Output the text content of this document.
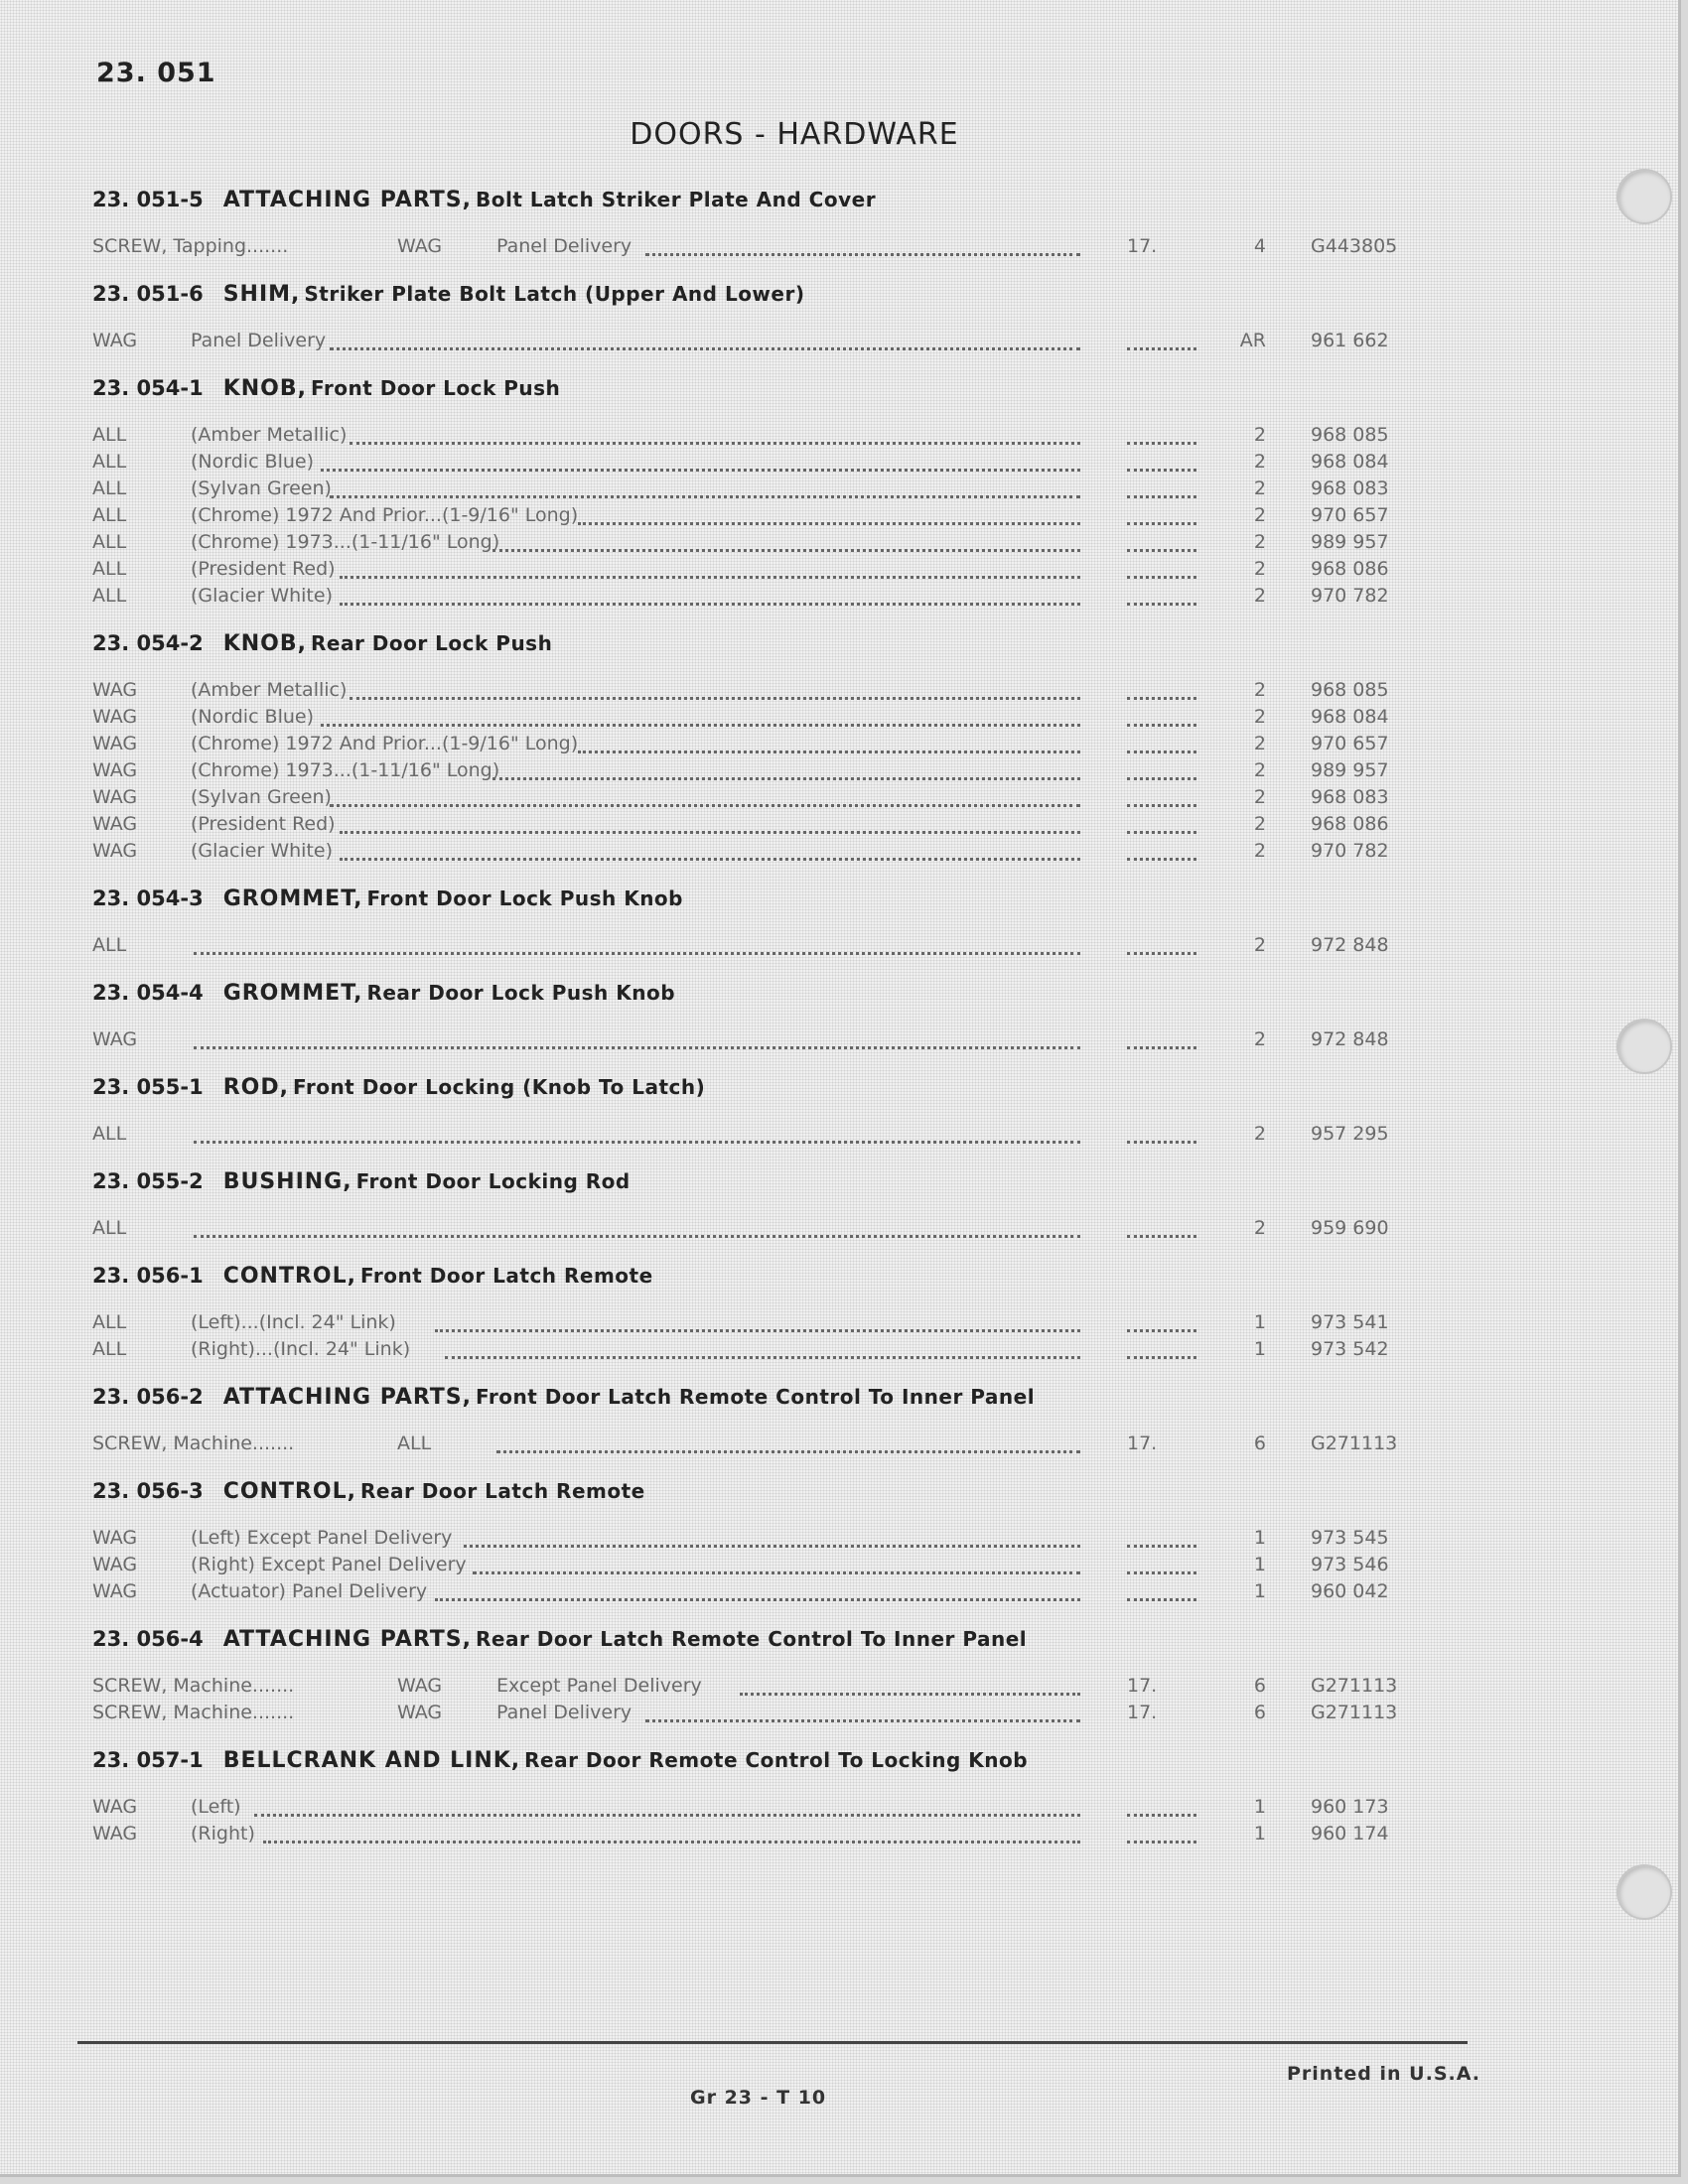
23. 051
DOORS - HARDWARE
23. 051-5 ATTACHING PARTS, Bolt Latch Striker Plate And Cover
SCREW, Tapping.......	WAG	Panel Delivery	17.	4 G443805
23. 051-6 SHIM, Striker Plate Bolt Latch (Upper And Lower)
WAG	Panel Delivery	AR 961 662
23. 054-1 KNOB, Front Door Lock Push
ALL	(Amber Metallic)	2 968 085
ALL	(Nordic Blue)	2 968 084
ALL	(Sylvan Green)	2 968 083
ALL	(Chrome) 1972 And Prior...(1-9/16" Long)	2 970 657
ALL	(Chrome) 1973...(1-11/16" Long)	2 989 957
ALL	(President Red)	2 968 086
ALL	(Glacier White)	2 970 782
23. 054-2 KNOB, Rear Door Lock Push
WAG	(Amber Metallic)	2 968 085
WAG	(Nordic Blue)	2 968 084
WAG	(Chrome) 1972 And Prior...(1-9/16" Long)	2 970 657
WAG	(Chrome) 1973...(1-11/16" Long)	2 989 957
WAG	(Sylvan Green)	2 968 083
WAG	(President Red)	2 968 086
WAG	(Glacier White)	2 970 782
23. 054-3 GROMMET, Front Door Lock Push Knob
ALL	2 972 848
23. 054-4 GROMMET, Rear Door Lock Push Knob
WAG	2 972 848
23. 055-1 ROD, Front Door Locking (Knob To Latch)
ALL	2 957 295
23. 055-2 BUSHING, Front Door Locking Rod
ALL	2 959 690
23. 056-1 CONTROL, Front Door Latch Remote
ALL	(Left)...(Incl. 24" Link)	1 973 541
ALL	(Right)...(Incl. 24" Link)	1 973 542
23. 056-2 ATTACHING PARTS, Front Door Latch Remote Control To Inner Panel
SCREW, Machine.......	ALL	17.	6 G271113
23. 056-3 CONTROL, Rear Door Latch Remote
WAG	(Left) Except Panel Delivery	1 973 545
WAG	(Right) Except Panel Delivery	1 973 546
WAG	(Actuator) Panel Delivery	1 960 042
23. 056-4 ATTACHING PARTS, Rear Door Latch Remote Control To Inner Panel
SCREW, Machine.......	WAG	Except Panel Delivery	17.	6 G271113
SCREW, Machine.......	WAG	Panel Delivery	17.	6 G271113
23. 057-1 BELLCRANK AND LINK, Rear Door Remote Control To Locking Knob
WAG	(Left)	1 960 173
WAG	(Right)	1 960 174
Printed in U.S.A.
Gr 23 - T 10
